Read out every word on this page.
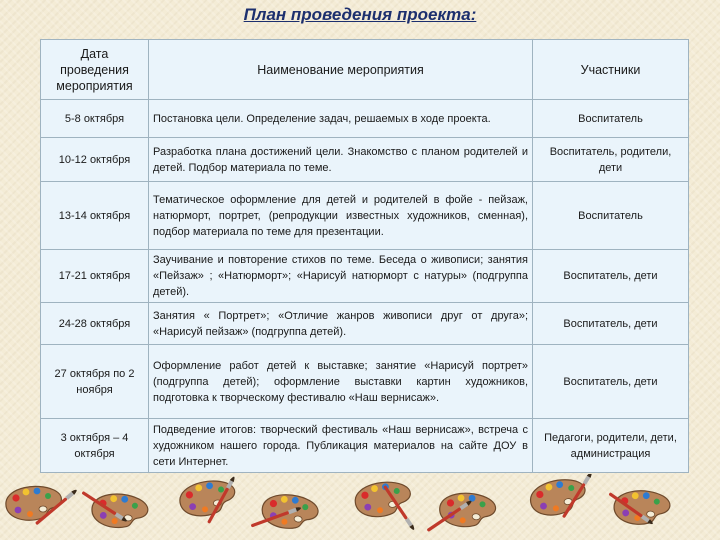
План проведения проекта:
Дата проведения мероприятия	Наименование мероприятия	Участники
5-8 октября	Постановка цели. Определение задач, решаемых в ходе проекта.	Воспитатель
10-12 октября	Разработка плана достижений цели. Знакомство с планом родителей и детей. Подбор материала по теме.	Воспитатель, родители, дети
13-14 октября	Тематическое оформление для детей и родителей в фойе - пейзаж, натюрморт, портрет, (репродукции известных художников, сменная), подбор материала по теме для презентации.	Воспитатель
17-21 октября	Заучивание и повторение стихов по теме. Беседа о живописи; занятия «Пейзаж» ; «Натюрморт»; «Нарисуй натюрморт с натуры» (подгруппа детей).	Воспитатель, дети
24-28 октября	Занятия « Портрет»; «Отличие жанров живописи друг от друга»; «Нарисуй пейзаж» (подгруппа детей).	Воспитатель, дети
27 октября по 2 ноября	Оформление работ детей к выставке; занятие «Нарисуй портрет» (подгруппа детей); оформление выставки картин художников, подготовка к творческому фестивалю «Наш вернисаж».	Воспитатель, дети
3 октября – 4 октября	Подведение итогов: творческий фестиваль «Наш вернисаж», встреча с художником нашего города. Публикация материалов на сайте ДОУ в сети Интернет.	Педагоги, родители, дети, администрация
